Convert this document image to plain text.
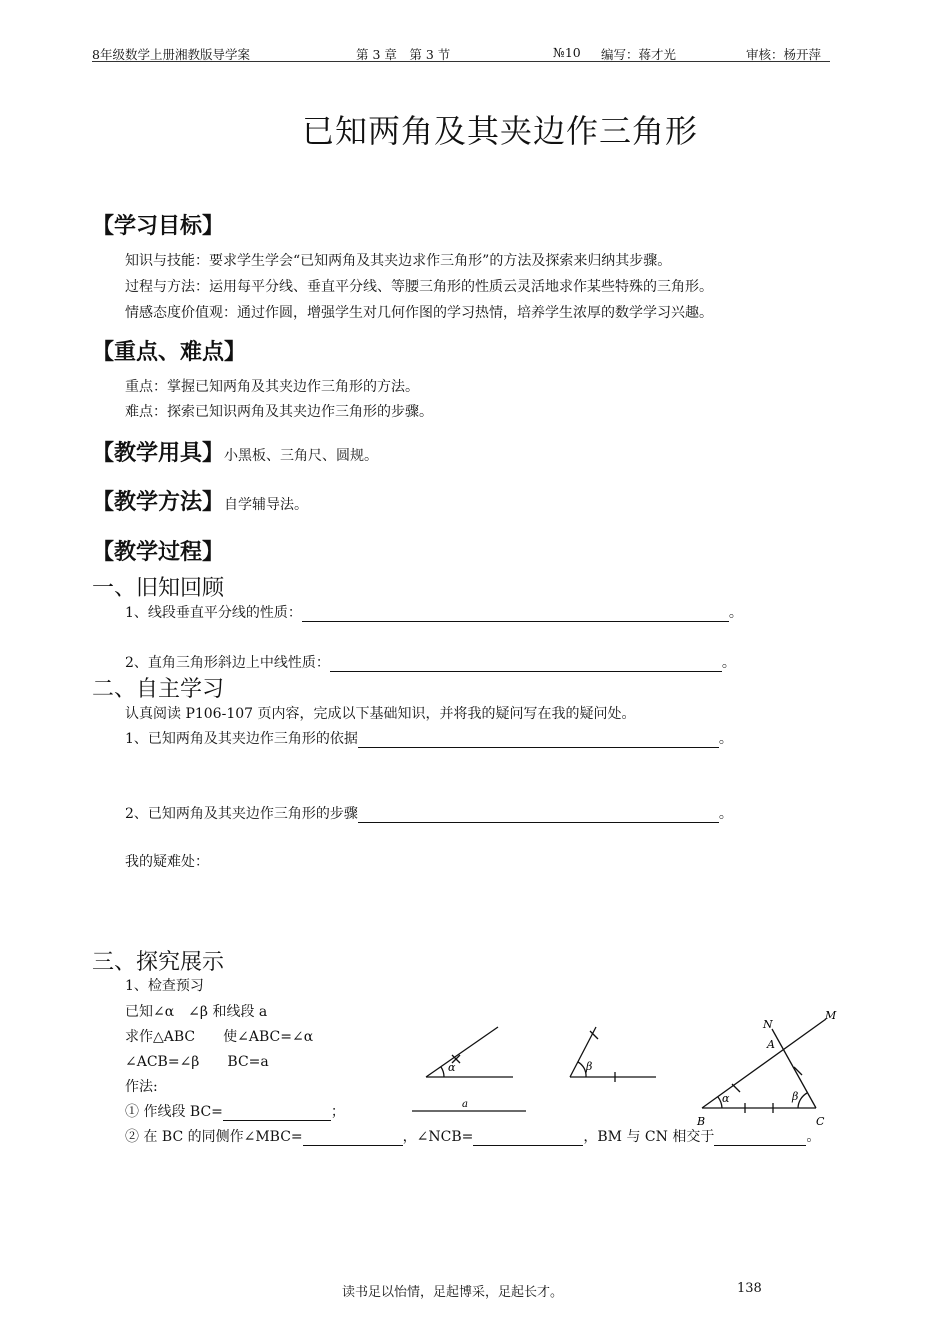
8年级数学上册湘教版导学案	第 3 章　第 3 节	№10 编写：蒋才光	审核：杨开萍
已知两角及其夹边作三角形
【学习目标】
知识与技能：要求学生学会“已知两角及其夹边求作三角形”的方法及探索来归纳其步骤。
过程与方法：运用每平分线、垂直平分线、等腰三角形的性质云灵活地求作某些特殊的三角形。
情感态度价值观：通过作圆，增强学生对几何作图的学习热情，培养学生浓厚的数学学习兴趣。
【重点、难点】
重点：掌握已知两角及其夹边作三角形的方法。
难点：探索已知识两角及其夹边作三角形的步骤。
【教学用具】小黑板、三角尺、圆规。
【教学方法】自学辅导法。
【教学过程】
一、旧知回顾
1、线段垂直平分线的性质：	。
2、直角三角形斜边上中线性质：	。
二、自主学习
认真阅读 P106-107 页内容，完成以下基础知识，并将我的疑问写在我的疑问处。
1、已知两角及其夹边作三角形的依据	。
2、已知两角及其夹边作三角形的步骤	。
我的疑难处：
三、探究展示
1、检查预习
已知∠α　∠β 和线段 a
求作△ABC　　使∠ABC=∠α
∠ACB=∠β　　BC=a
作法:
① 作线段 BC=	；
② 在 BC 的同侧作∠MBC=	，∠NCB=	，BM 与 CN 相交于	。
α	β
a	α	β
B	C
A
M
N
读书足以怡情，足起博采，足起长才。	138
